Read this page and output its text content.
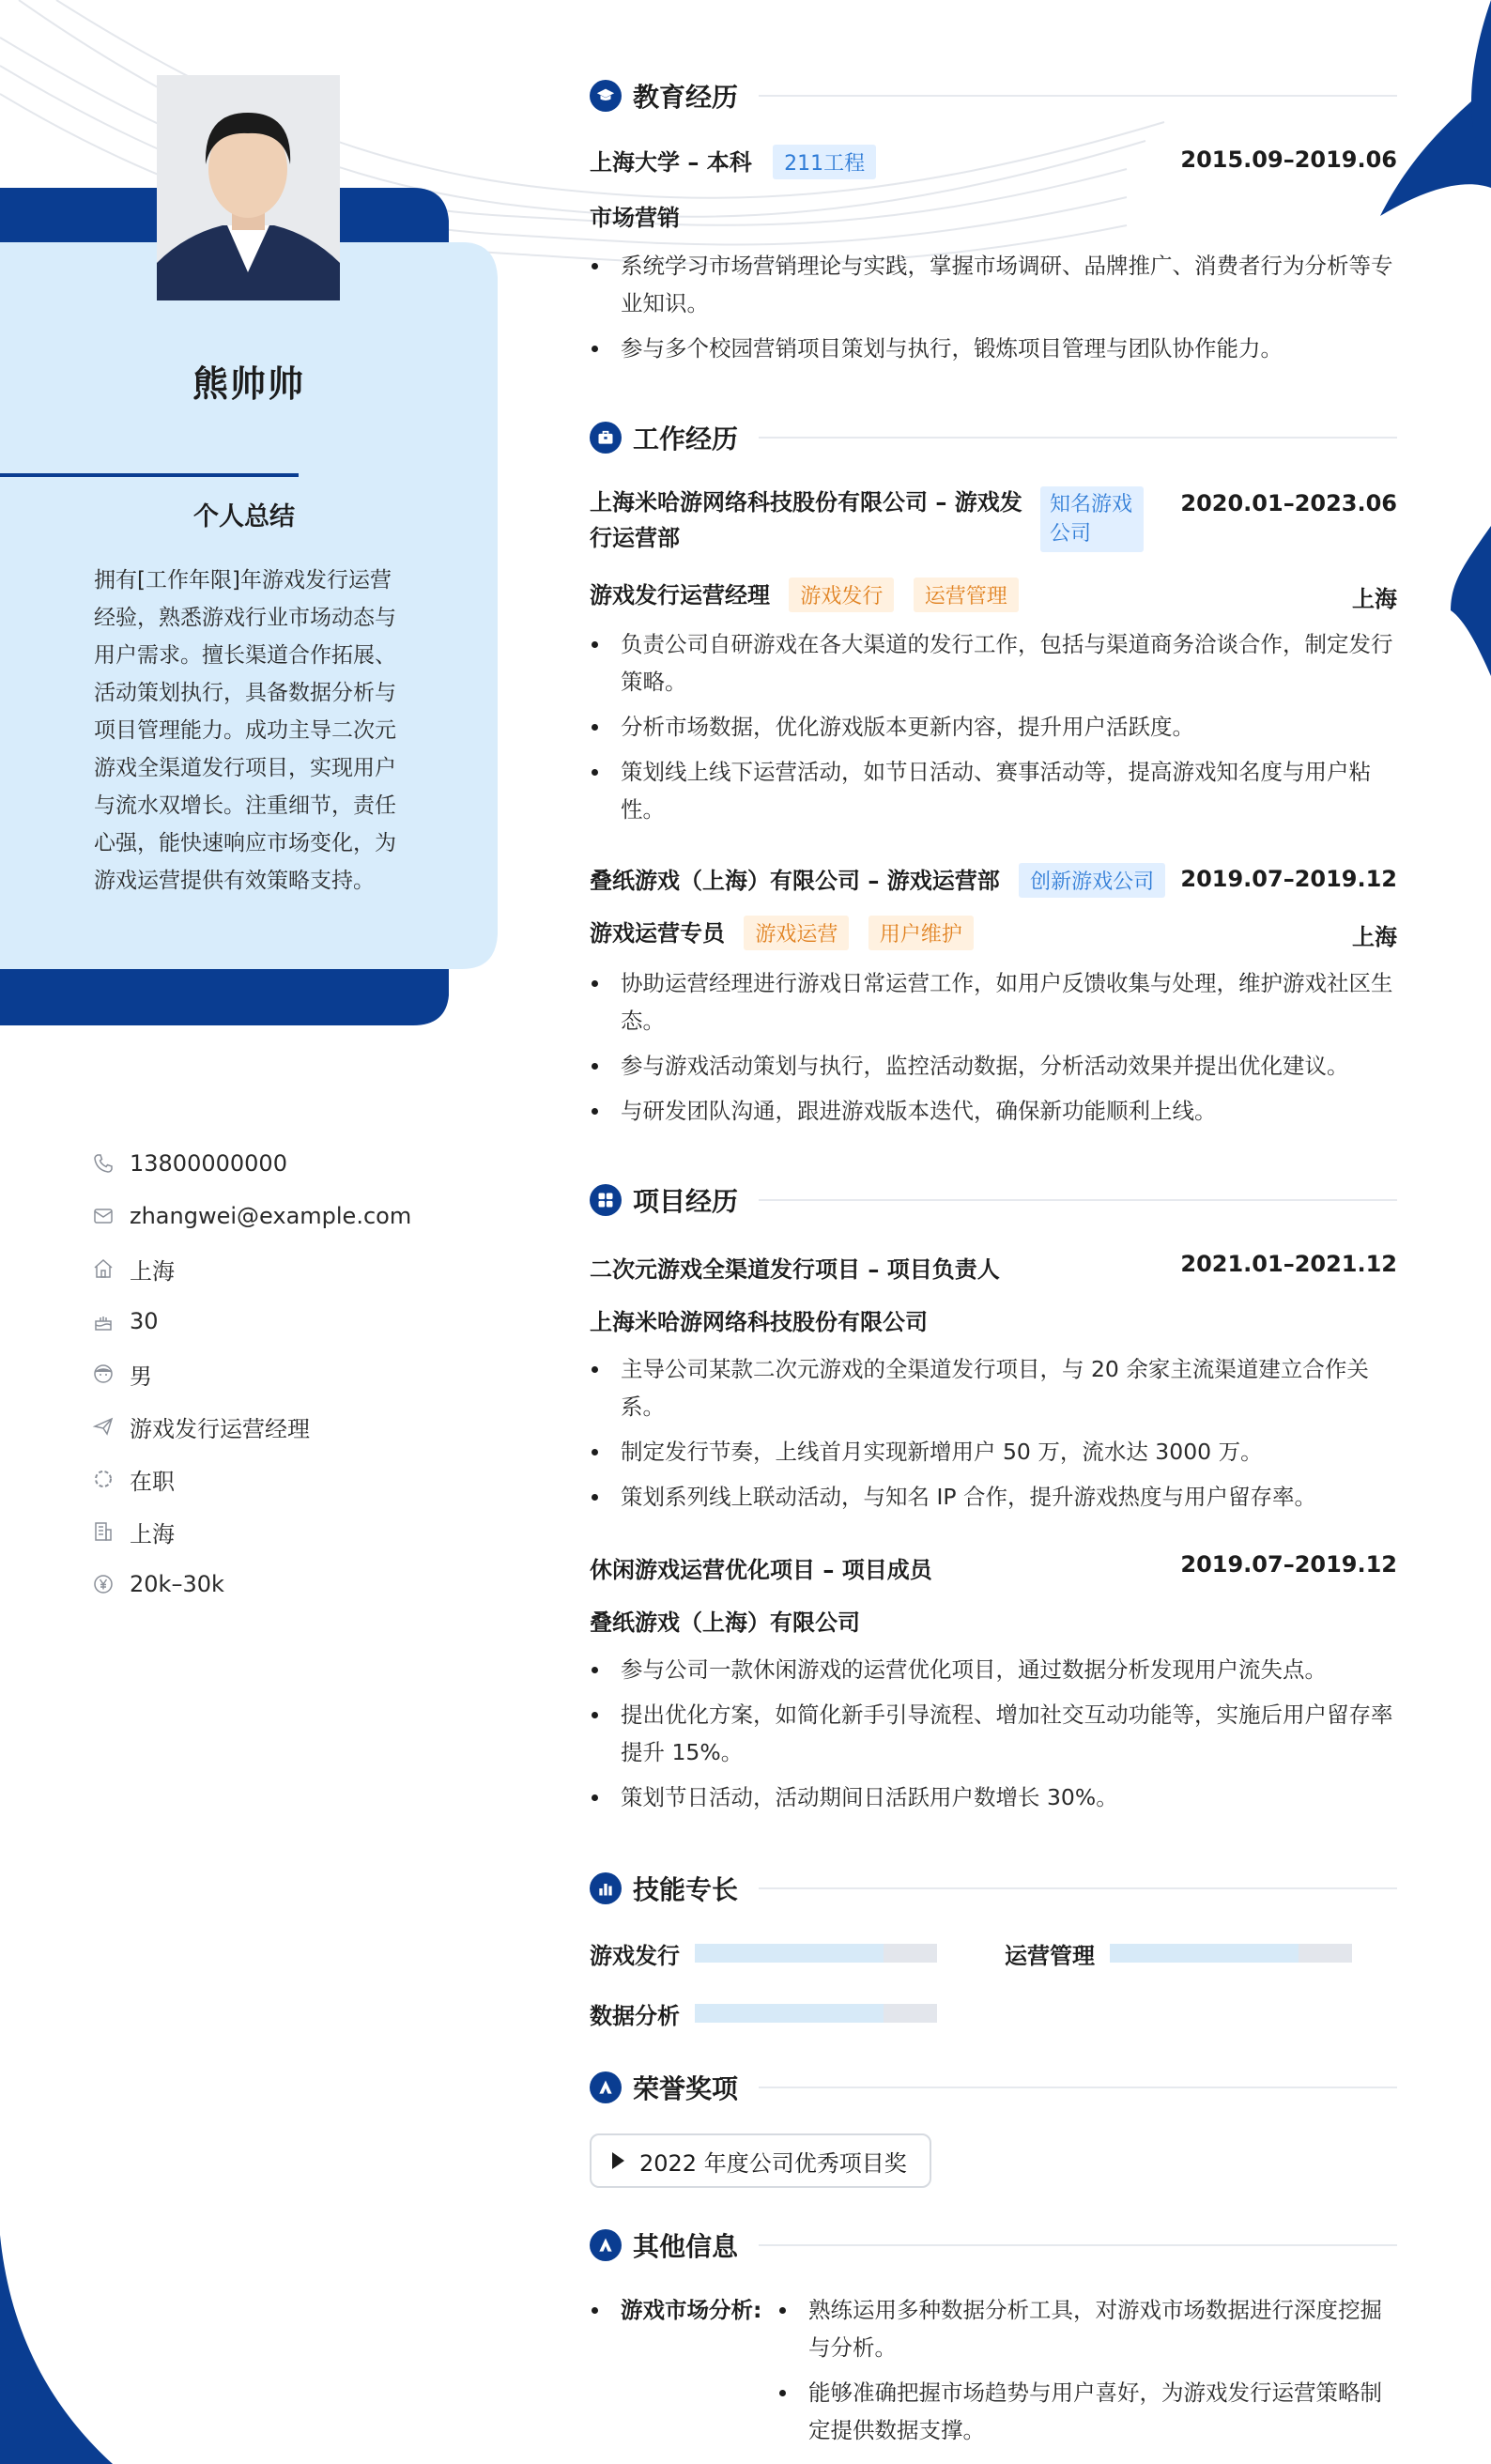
熊帅帅
个人总结
拥有[工作年限]年游戏发行运营经验，熟悉游戏行业市场动态与用户需求。擅长渠道合作拓展、活动策划执行，具备数据分析与项目管理能力。成功主导二次元游戏全渠道发行项目，实现用户与流水双增长。注重细节，责任心强，能快速响应市场变化，为游戏运营提供有效策略支持。
13800000000
zhangwei@example.com
上海
30
男
游戏发行运营经理
在职
上海
20k–30k
教育经历
上海大学 – 本科 211工程	2015.09–2019.06
市场营销
系统学习市场营销理论与实践，掌握市场调研、品牌推广、消费者行为分析等专业知识。
参与多个校园营销项目策划与执行，锻炼项目管理与团队协作能力。
工作经历
上海米哈游网络科技股份有限公司 – 游戏发行运营部
知名游戏公司
2020.01–2023.06
游戏发行运营经理 游戏发行 运营管理	上海
负责公司自研游戏在各大渠道的发行工作，包括与渠道商务洽谈合作，制定发行策略。
分析市场数据，优化游戏版本更新内容，提升用户活跃度。
策划线上线下运营活动，如节日活动、赛事活动等，提高游戏知名度与用户粘性。
叠纸游戏（上海）有限公司 – 游戏运营部 创新游戏公司	2019.07–2019.12
游戏运营专员 游戏运营 用户维护	上海
协助运营经理进行游戏日常运营工作，如用户反馈收集与处理，维护游戏社区生态。
参与游戏活动策划与执行，监控活动数据，分析活动效果并提出优化建议。
与研发团队沟通，跟进游戏版本迭代，确保新功能顺利上线。
项目经历
二次元游戏全渠道发行项目 – 项目负责人	2021.01–2021.12
上海米哈游网络科技股份有限公司
主导公司某款二次元游戏的全渠道发行项目，与 20 余家主流渠道建立合作关系。
制定发行节奏，上线首月实现新增用户 50 万，流水达 3000 万。
策划系列线上联动活动，与知名 IP 合作，提升游戏热度与用户留存率。
休闲游戏运营优化项目 – 项目成员	2019.07–2019.12
叠纸游戏（上海）有限公司
参与公司一款休闲游戏的运营优化项目，通过数据分析发现用户流失点。
提出优化方案，如简化新手引导流程、增加社交互动功能等，实施后用户留存率提升 15%。
策划节日活动，活动期间日活跃用户数增长 30%。
技能专长
游戏发行	运营管理
数据分析
荣誉奖项
2022 年度公司优秀项目奖
其他信息
游戏市场分析:	熟练运用多种数据分析工具，对游戏市场数据进行深度挖掘与分析。
能够准确把握市场趋势与用户喜好，为游戏发行运营策略制定提供数据支撑。
